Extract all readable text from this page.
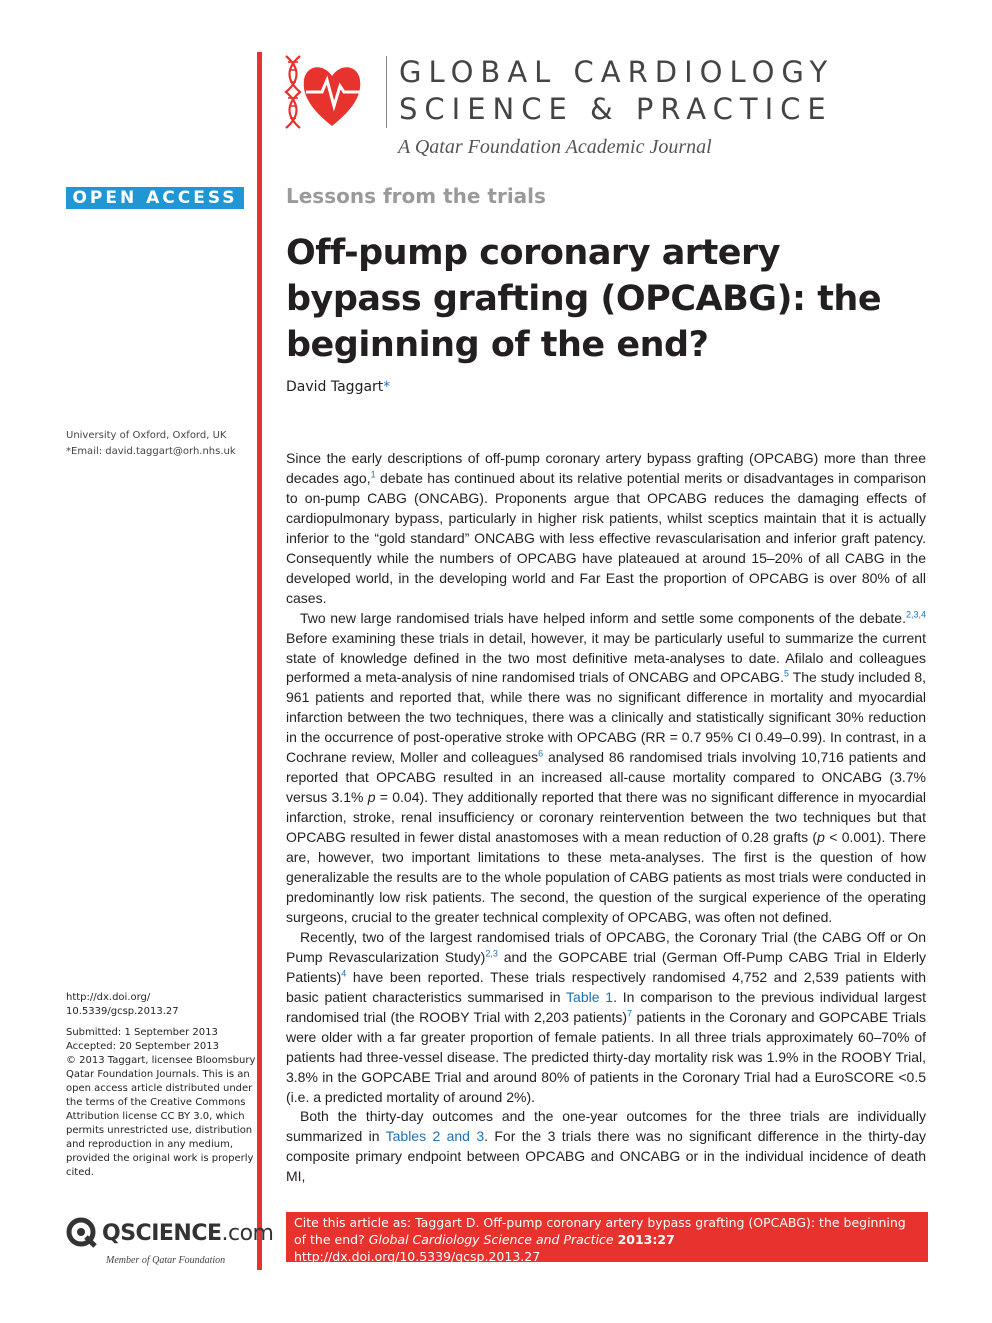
GLOBAL CARDIOLOGY
SCIENCE & PRACTICE
A Qatar Foundation Academic Journal
OPEN ACCESS
University of Oxford, Oxford, UK
*Email: david.taggart@orh.nhs.uk
http://dx.doi.org/
10.5339/gcsp.2013.27
Submitted: 1 September 2013
Accepted: 20 September 2013
© 2013 Taggart, licensee Bloomsbury Qatar Foundation Journals. This is an open access article distributed under the terms of the Creative Commons Attribution license CC BY 3.0, which permits unrestricted use, distribution and reproduction in any medium, provided the original work is properly cited.
QSCIENCE.com
Member of Qatar Foundation
Lessons from the trials
Off-pump coronary artery bypass grafting (OPCABG): the beginning of the end?
David Taggart*

Since the early descriptions of off-pump coronary artery bypass grafting (OPCABG) more than three decades ago,$^1$ debate has continued about its relative potential merits or disadvantages in comparison to on-pump CABG (ONCABG). Proponents argue that OPCABG reduces the damaging effects of cardiopulmonary bypass, particularly in higher risk patients, whilst sceptics maintain that it is actually inferior to the “gold standard” ONCABG with less effective revascularisation and inferior graft patency. Consequently while the numbers of OPCABG have plateaued at around 15–20% of all CABG in the developed world, in the developing world and Far East the proportion of OPCABG is over 80% of all cases.

Two new large randomised trials have helped inform and settle some components of the debate.$^{2,3,4}$ Before examining these trials in detail, however, it may be particularly useful to summarize the current state of knowledge defined in the two most definitive meta-analyses to date. Afilalo and colleagues performed a meta-analysis of nine randomised trials of ONCABG and OPCABG.$^5$ The study included 8, 961 patients and reported that, while there was no significant difference in mortality and myocardial infarction between the two techniques, there was a clinically and statistically significant 30% reduction in the occurrence of post-operative stroke with OPCABG (RR = 0.7 95% CI 0.49–0.99). In contrast, in a Cochrane review, Moller and colleagues$^6$ analysed 86 randomised trials involving 10,716 patients and reported that OPCABG resulted in an increased all-cause mortality compared to ONCABG (3.7% versus 3.1% p = 0.04). They additionally reported that there was no significant difference in myocardial infarction, stroke, renal insufficiency or coronary reintervention between the two techniques but that OPCABG resulted in fewer distal anastomoses with a mean reduction of 0.28 grafts (p < 0.001). There are, however, two important limitations to these meta-analyses. The first is the question of how generalizable the results are to the whole population of CABG patients as most trials were conducted in predominantly low risk patients. The second, the question of the surgical experience of the operating surgeons, crucial to the greater technical complexity of OPCABG, was often not defined.

Recently, two of the largest randomised trials of OPCABG, the Coronary Trial (the CABG Off or On Pump Revascularization Study)$^{2,3}$ and the GOPCABE trial (German Off-Pump CABG Trial in Elderly Patients)$^4$ have been reported. These trials respectively randomised 4,752 and 2,539 patients with basic patient characteristics summarised in Table 1. In comparison to the previous individual largest randomised trial (the ROOBY Trial with 2,203 patients)$^7$ patients in the Coronary and GOPCABE Trials were older with a far greater proportion of female patients. In all three trials approximately 60–70% of patients had three-vessel disease. The predicted thirty-day mortality risk was 1.9% in the ROOBY Trial, 3.8% in the GOPCABE Trial and around 80% of patients in the Coronary Trial had a EuroSCORE <0.5 (i.e. a predicted mortality of around 2%).

Both the thirty-day outcomes and the one-year outcomes for the three trials are individually summarized in Tables 2 and 3. For the 3 trials there was no significant difference in the thirty-day composite primary endpoint between OPCABG and ONCABG or in the individual incidence of death MI,

Cite this article as: Taggart D. Off-pump coronary artery bypass grafting (OPCABG): the beginning of the end? Global Cardiology Science and Practice 2013:27 http://dx.doi.org/10.5339/gcsp.2013.27
